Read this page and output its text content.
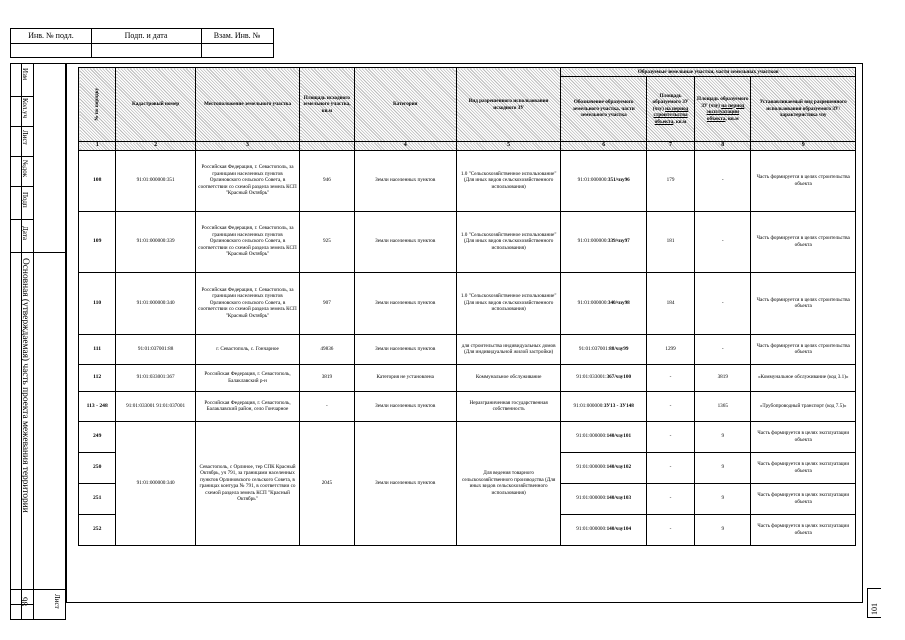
Инв. № подл.	Подп. и дата	Взам. Инв. №
Изм
Кол.уч
Лист
№док
Подп
Дата
Основная (утверждаемая) часть проекта межевания территории
Лист
98
101
№ по порядку	Кадастровый номер	Местоположение земельного участка	Площадь исходного земельного участка, кв.м	Категория	Вид разрешенного использования исходного ЗУ	Образуемые земельные участки, части земельных участков			
						Обозначение образуемого земельного участка, части земельного участка	Площадь образуемого ЗУ (чзу) на период строительства объекта, кв.м	Площадь образуемого ЗУ (чзу) на период эксплуатации объекта, кв.м	Устанавливаемый вид разрешенного использования образуемого ЗУ/характеристика чзу
1	2	3		4	5	6	7	8	9
108	91:01:000000:351	Российская Федерация, г. Севастополь, за границами населенных пунктов Орлиновского сельского Совета, в соответствии со схемой раздела земель КСП "Красный Октябрь"	946	Земли населенных пунктов	1.0 "Сельскохозяйственное использование" (Для иных видов сельскохозяйственного использования)	91:01:000000:351/чзу96	179	-	Часть формируется в целях строительства объекта
109	91:01:000000:339	Российская Федерация, г. Севастополь, за границами населенных пунктов Орлиновского сельского Совета, в соответствии со схемой раздела земель КСП "Красный Октябрь"	925	Земли населенных пунктов	1.0 "Сельскохозяйственное использование" (Для иных видов сельскохозяйственного использования)	91:01:000000:339/чзу97	181	-	Часть формируется в целях строительства объекта
110	91:01:000000:340	Российская Федерация, г. Севастополь, за границами населенных пунктов Орлиновского сельского Совета, в соответствии со схемой раздела земель КСП "Красный Октябрь"	907	Земли населенных пунктов	1.0 "Сельскохозяйственное использование" (Для иных видов сельскохозяйственного использования)	91:01:000000:340/чзу98	184	-	Часть формируется в целях строительства объекта
111	91:01:037001:88	г. Севастополь, с. Гончарное	49836	Земли населенных пунктов	для строительства индивидуальных домов (Для индивидуальной жилой застройки)	91:01:037001:88/чзу99	1299	-	Часть формируется в целях строительства объекта
112	91:01:033001:367	Российская Федерация, г. Севастополь, Балаклавский р-н	3819	Категория не установлена	Коммунальное обслуживание	91:01:033001:367/чзу100	-	3819	«Коммунальное обслуживание (код 3.1)»
113 - 248	91:01:033001 91:01:037001	Российская Федерация, г. Севастополь, Балаклавский район, село Гончарное	-	Земли населенных пунктов	Неразграниченная государственная собственность	91:01:000000:ЗУ13 - ЗУ148	-	1365	«Трубопроводный транспорт (код 7.5)»
249	91:01:000000:340	Севастополь, с Орлиное, тер СПК Красный Октябрь, уч 791, за границами населенных пунктов Орлиновского сельского Совета, в границах контура № 791, в соответствии со схемой раздела земель КСП "Красный Октябрь"	2045	Земли населенных пунктов	Для ведения товарного сельскохозяйственного производства (Для иных видов сельскохозяйственного использования)	91:01:000000:140/чзу101	-	9	Часть формируется в целях эксплуатации объекта
250						91:01:000000:140/чзу102	-	9	Часть формируется в целях эксплуатации объекта
251						91:01:000000:140/чзу103	-	9	Часть формируется в целях эксплуатации объекта
252						91:01:000000:140/чзу104	-	9	Часть формируется в целях эксплуатации объекта
